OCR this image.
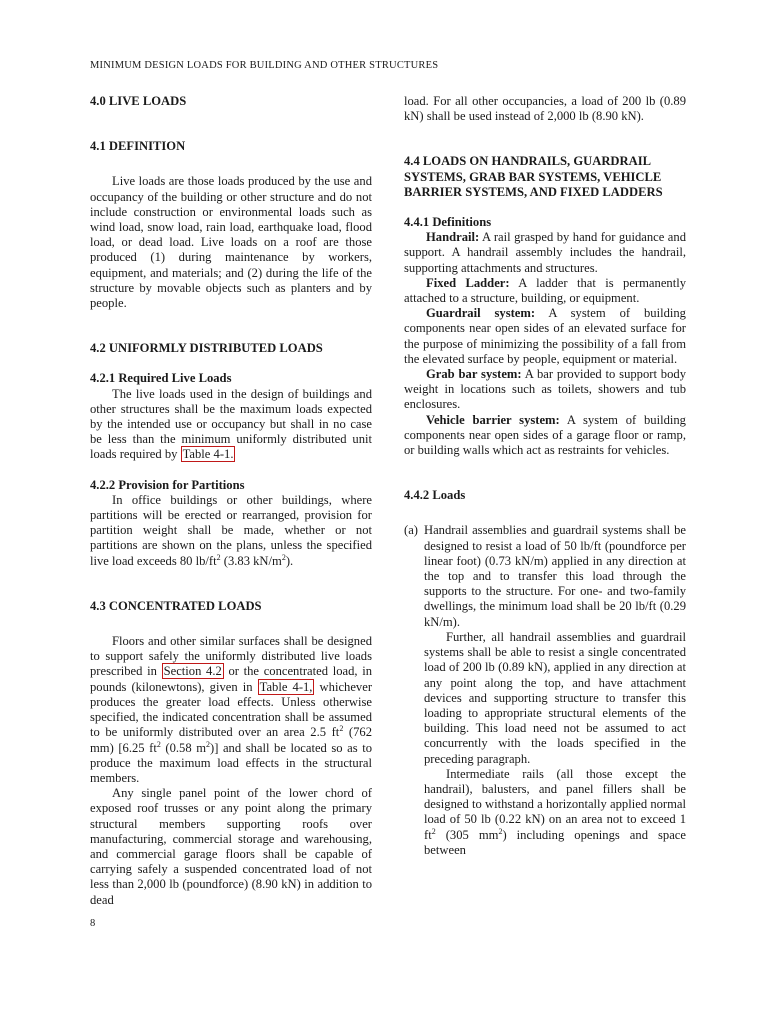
MINIMUM DESIGN LOADS FOR BUILDING AND OTHER STRUCTURES
4.0 LIVE LOADS
4.1 DEFINITION

Live loads are those loads produced by the use and occupancy of the building or other structure and do not include construction or environmental loads such as wind load, snow load, rain load, earthquake load, flood load, or dead load. Live loads on a roof are those produced (1) during maintenance by workers, equipment, and materials; and (2) during the life of the structure by movable objects such as planters and by people.

4.2 UNIFORMLY DISTRIBUTED LOADS
4.2.1 Required Live Loads

The live loads used in the design of buildings and other structures shall be the maximum loads expected by the intended use or occupancy but shall in no case be less than the minimum uniformly distributed unit loads required by Table 4-1.

4.2.2 Provision for Partitions

In office buildings or other buildings, where partitions will be erected or rearranged, provision for partition weight shall be made, whether or not partitions are shown on the plans, unless the specified live load exceeds 80 $lb/ft^2$ (3.83 $kN/m^2$).

4.3 CONCENTRATED LOADS

Floors and other similar surfaces shall be designed to support safely the uniformly distributed live loads prescribed in Section 4.2 or the concentrated load, in pounds (kilonewtons), given in Table 4-1, whichever produces the greater load effects. Unless otherwise specified, the indicated concentration shall be assumed to be uniformly distributed over an area 2.5 $ft^2$ (762 mm) [6.25 $ft^2$ (0.58 $m^2$)] and shall be located so as to produce the maximum load effects in the structural members.

Any single panel point of the lower chord of exposed roof trusses or any point along the primary structural members supporting roofs over manufacturing, commercial storage and warehousing, and commercial garage floors shall be capable of carrying safely a suspended concentrated load of not less than 2,000 lb (poundforce) (8.90 kN) in addition to dead

load. For all other occupancies, a load of 200 lb (0.89 kN) shall be used instead of 2,000 lb (8.90 kN).

4.4 LOADS ON HANDRAILS, GUARDRAIL SYSTEMS, GRAB BAR SYSTEMS, VEHICLE BARRIER SYSTEMS, AND FIXED LADDERS
4.4.1 Definitions

Handrail: A rail grasped by hand for guidance and support. A handrail assembly includes the handrail, supporting attachments and structures.

Fixed Ladder: A ladder that is permanently attached to a structure, building, or equipment.

Guardrail system: A system of building components near open sides of an elevated surface for the purpose of minimizing the possibility of a fall from the elevated surface by people, equipment or material.

Grab bar system: A bar provided to support body weight in locations such as toilets, showers and tub enclosures.

Vehicle barrier system: A system of building components near open sides of a garage floor or ramp, or building walls which act as restraints for vehicles.

4.4.2 Loads
(a) Handrail assemblies and guardrail systems shall be designed to resist a load of 50 lb/ft (poundforce per linear foot) (0.73 kN/m) applied in any direction at the top and to transfer this load through the supports to the structure. For one- and two-family dwellings, the minimum load shall be 20 lb/ft (0.29 kN/m).

Further, all handrail assemblies and guardrail systems shall be able to resist a single concentrated load of 200 lb (0.89 kN), applied in any direction at any point along the top, and have attachment devices and supporting structure to transfer this loading to appropriate structural elements of the building. This load need not be assumed to act concurrently with the loads specified in the preceding paragraph.

Intermediate rails (all those except the handrail), balusters, and panel fillers shall be designed to withstand a horizontally applied normal load of 50 lb (0.22 kN) on an area not to exceed 1 $ft^2$ (305 $mm^2$) including openings and space between

8
